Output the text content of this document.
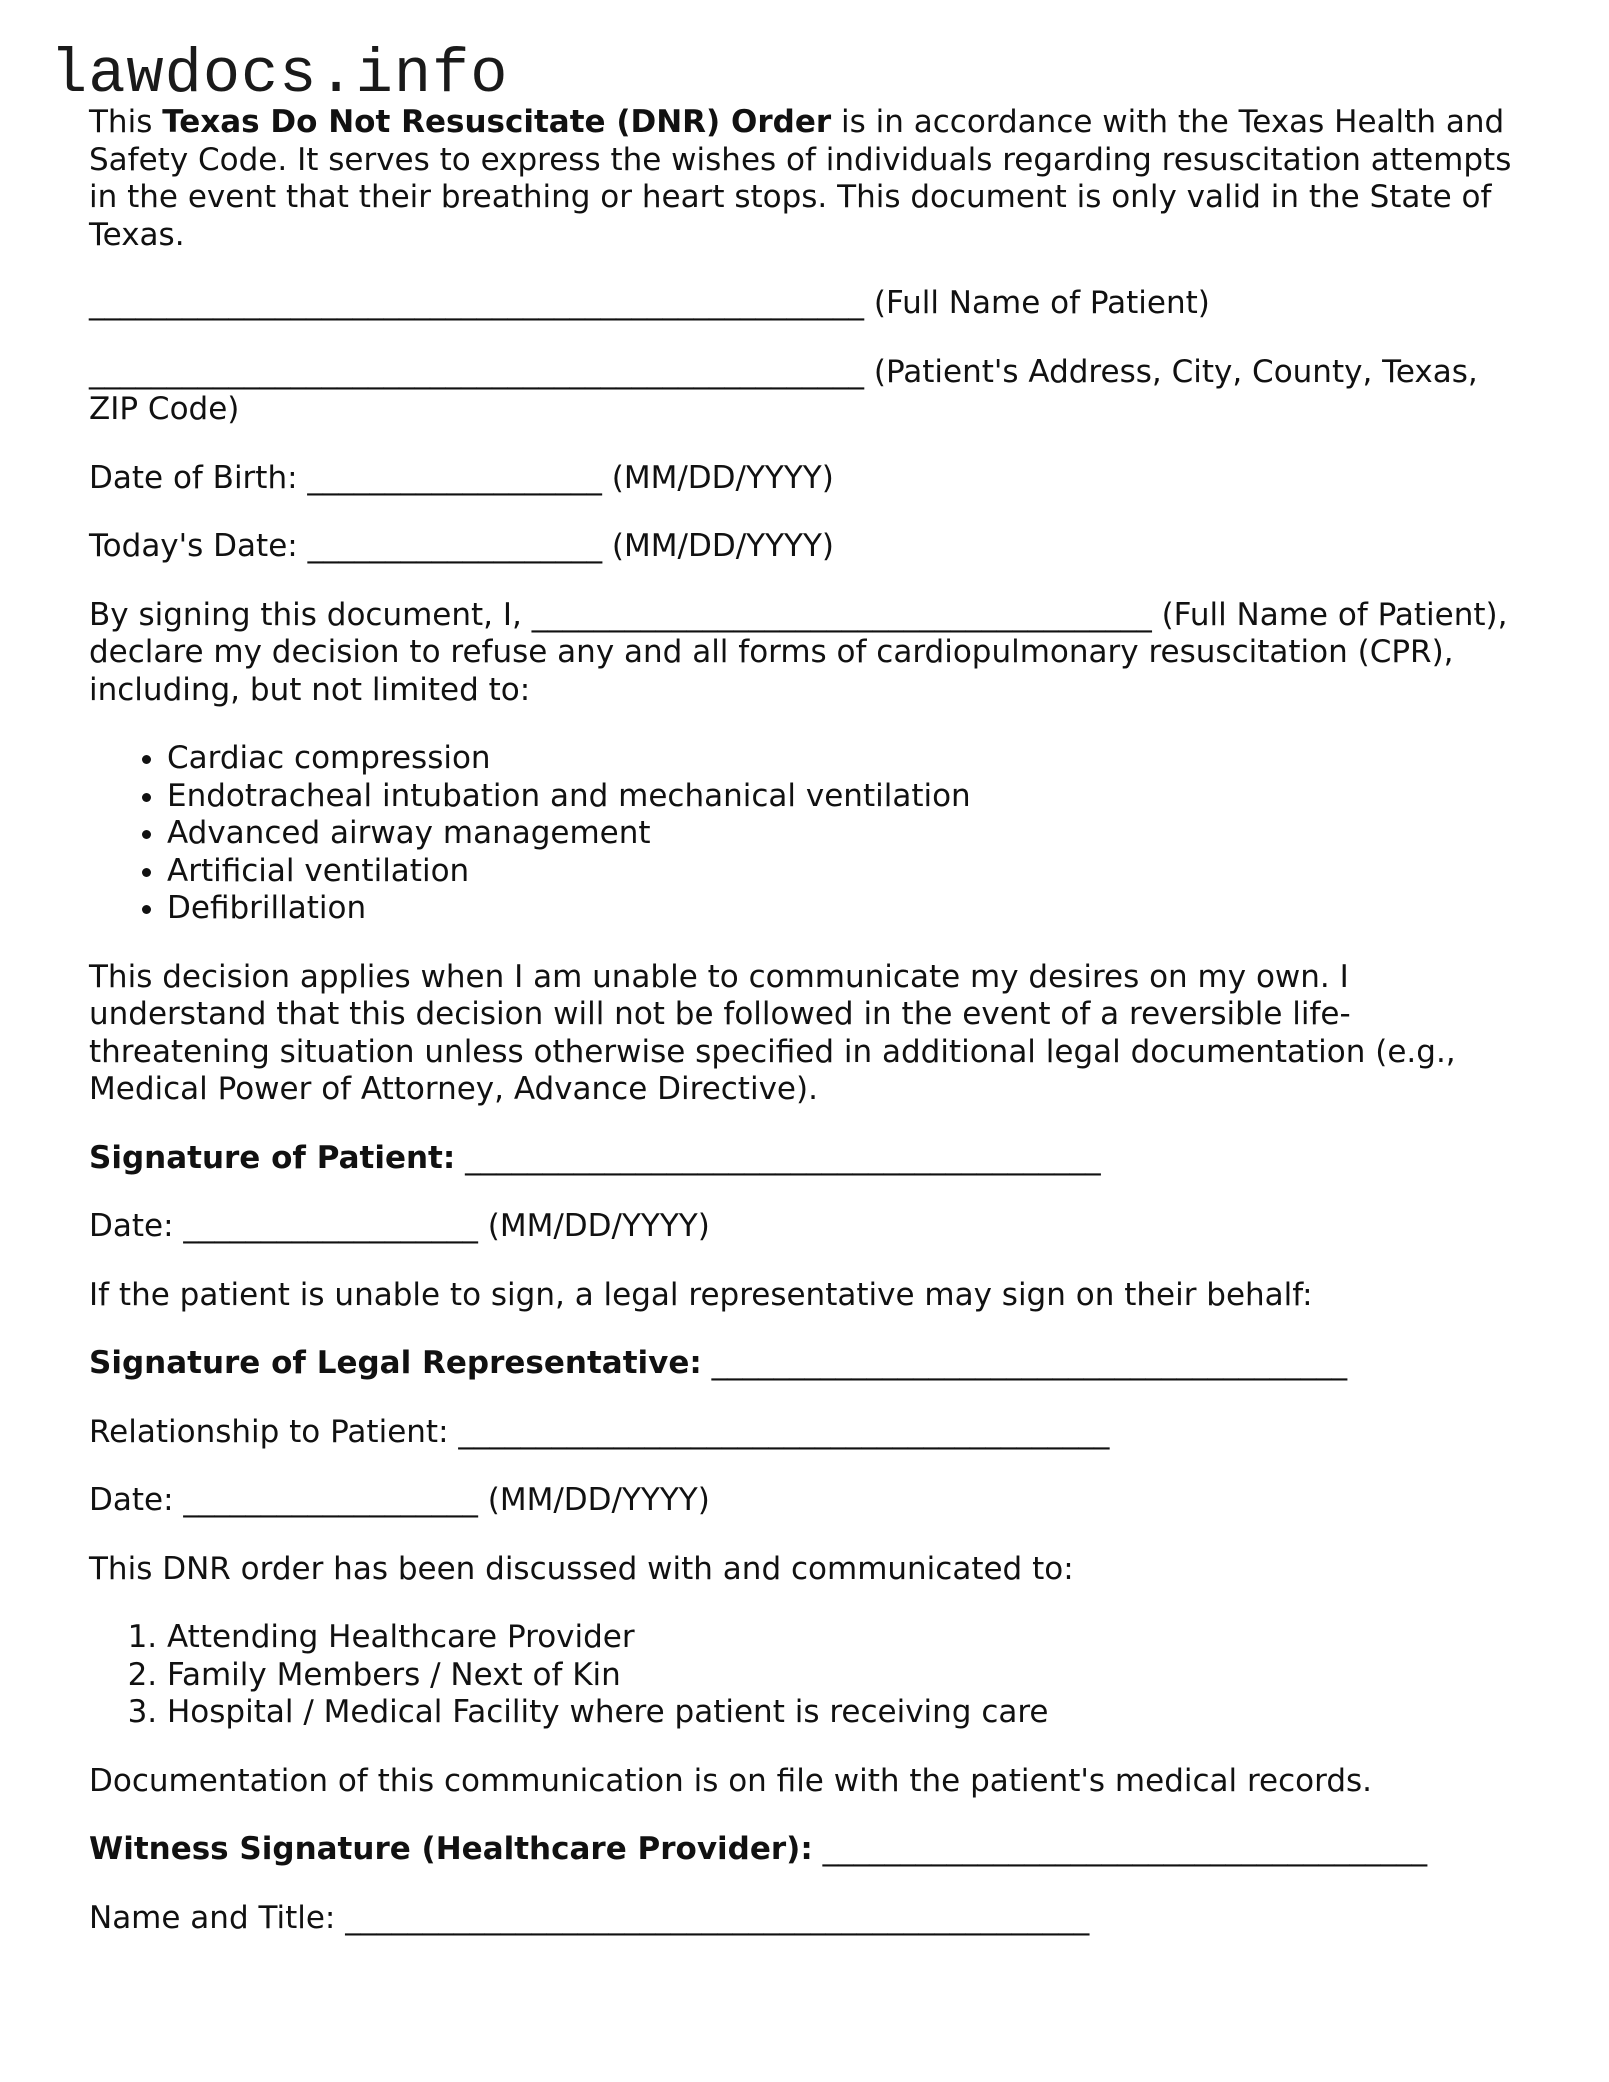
lawdocs.info

This Texas Do Not Resuscitate (DNR) Order is in accordance with the Texas Health and Safety Code. It serves to express the wishes of individuals regarding resuscitation attempts in the event that their breathing or heart stops. This document is only valid in the State of Texas.

__________________________________________________ (Full Name of Patient)

__________________________________________________ (Patient's Address, City, County, Texas, ZIP Code)

Date of Birth: ___________________ (MM/DD/YYYY)

Today's Date: ___________________ (MM/DD/YYYY)

By signing this document, I, ________________________________________ (Full Name of Patient), declare my decision to refuse any and all forms of cardiopulmonary resuscitation (CPR), including, but not limited to:

• Cardiac compression
• Endotracheal intubation and mechanical ventilation
• Advanced airway management
• Artificial ventilation
• Defibrillation

This decision applies when I am unable to communicate my desires on my own. I understand that this decision will not be followed in the event of a reversible life-threatening situation unless otherwise specified in additional legal documentation (e.g., Medical Power of Attorney, Advance Directive).

Signature of Patient: _________________________________________

Date: ___________________ (MM/DD/YYYY)

If the patient is unable to sign, a legal representative may sign on their behalf:

Signature of Legal Representative: _________________________________________

Relationship to Patient: __________________________________________

Date: ___________________ (MM/DD/YYYY)

This DNR order has been discussed with and communicated to:

1. Attending Healthcare Provider
2. Family Members / Next of Kin
3. Hospital / Medical Facility where patient is receiving care

Documentation of this communication is on file with the patient's medical records.

Witness Signature (Healthcare Provider): _______________________________________

Name and Title: ________________________________________________
